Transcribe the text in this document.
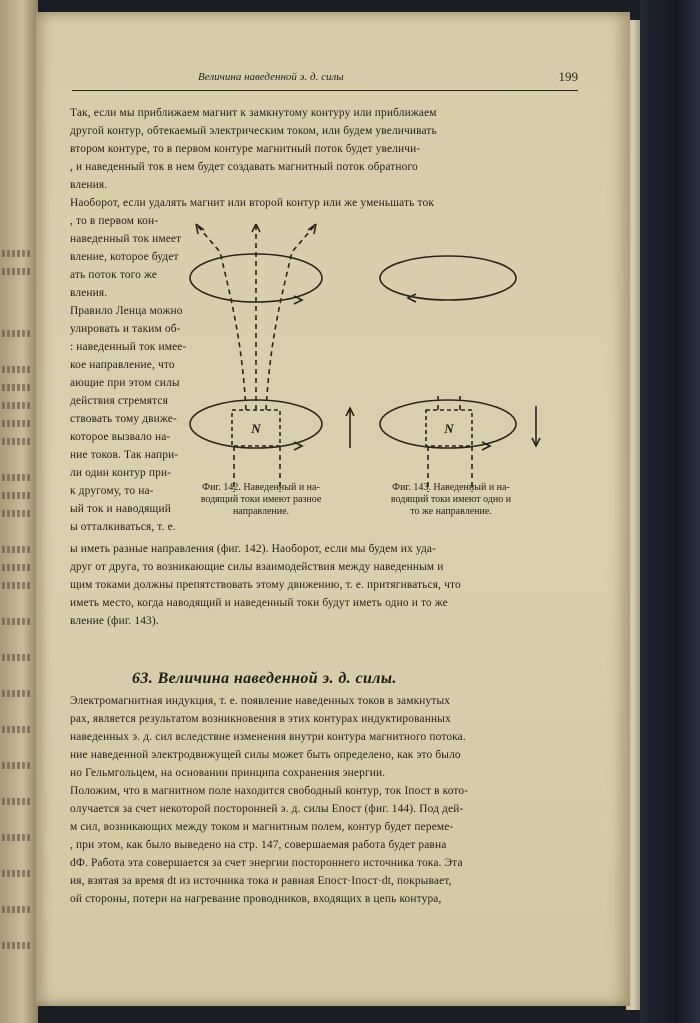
Величина наведенной э. д. силы	199
Так, если мы приближаем магнит к замкнутому контуру или приближаем
другой контур, обтекаемый электрическим током, или будем увеличивать
втором контуре, то в первом контуре магнитный поток будет увеличи-
, и наведенный ток в нем будет создавать магнитный поток обратного
вления.
Наоборот, если удалять магнит или второй контур или же уменьшать ток
, то в первом кон-
наведенный ток имеет
вление, которое будет
ать поток того же
вления.
Правило Ленца можно
улировать и таким об-
: наведенный ток имее-
кое направление, что
ающие при этом силы
действия стремятся
ствовать тому движе-
которое вызвало на-
ние токов. Так напри-
ли один контур при-
к другому, то на-
ый ток и наводящий
ы отталкиваться, т. е.
N	N
Фиг. 142. Наведенный и на-
водящий токи имеют разное
направление.
Фиг. 143. Наведенный и на-
водящий токи имеют одно и
то же направление.
ы иметь разные направления (фиг. 142). Наоборот, если мы будем их уда-
друг от друга, то возникающие силы взаимодействия между наведенным и
щим токами должны препятствовать этому движению, т. е. притягиваться, что
иметь место, когда наводящий и наведенный токи будут иметь одно и то же
вление (фиг. 143).
63. Величина наведенной э. д. силы.
Электромагнитная индукция, т. е. появление наведенных токов в замкнутых
рах, является результатом возникновения в этих контурах индуктированных
наведенных э. д. сил вследствие изменения внутри контура магнитного потока.
ние наведенной электродвижущей силы может быть определено, как это было
но Гельмгольцем, на основании принципа сохранения энергии.
Положим, что в магнитном поле находится свободный контур, ток Iпост в кото-
олучается за счет некоторой посторонней э. д. силы Eпост (фиг. 144). Под дей-
м сил, возникающих между током и магнитным полем, контур будет переме-
, при этом, как было выведено на стр. 147, совершаемая работа будет равна
dФ. Работа эта совершается за счет энергии постороннего источника тока. Эта
ия, взятая за время dt из источника тока и равная Eпост·Iпост·dt, покрывает,
ой стороны, потери на нагревание проводников, входящих в цепь контура,
